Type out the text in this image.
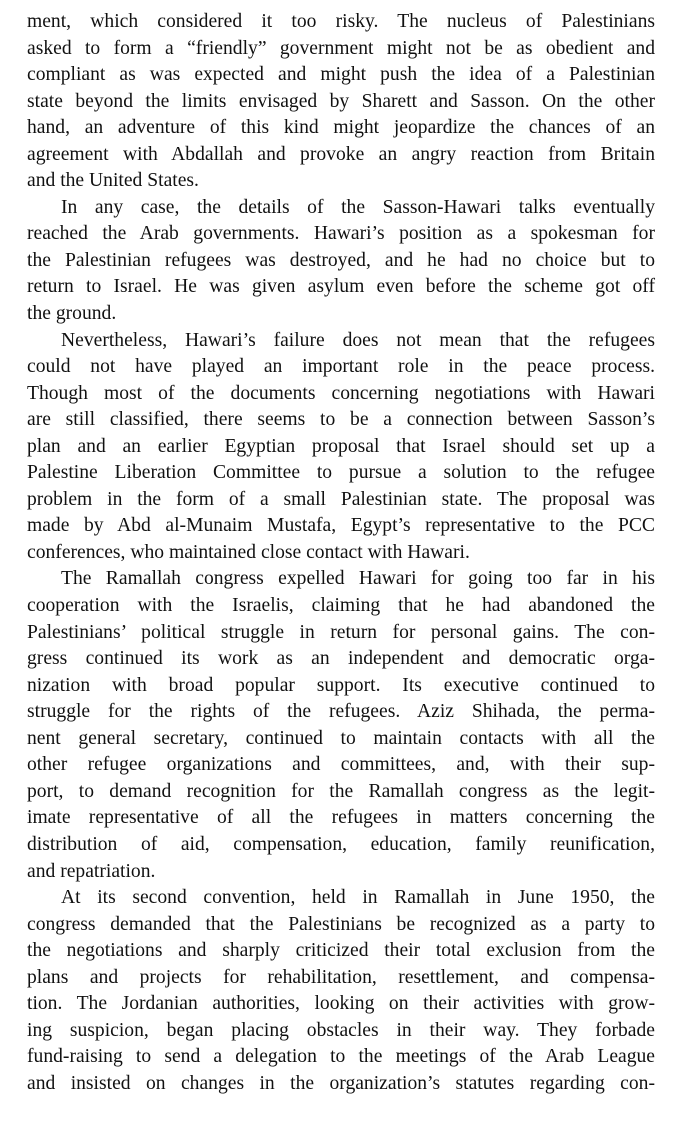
ment, which considered it too risky. The nucleus of Palestinians
asked to form a “friendly” government might not be as obedient and
compliant as was expected and might push the idea of a Palestinian
state beyond the limits envisaged by Sharett and Sasson. On the other
hand, an adventure of this kind might jeopardize the chances of an
agreement with Abdallah and provoke an angry reaction from Britain
and the United States.
In any case, the details of the Sasson-Hawari talks eventually
reached the Arab governments. Hawari’s position as a spokesman for
the Palestinian refugees was destroyed, and he had no choice but to
return to Israel. He was given asylum even before the scheme got off
the ground.
Nevertheless, Hawari’s failure does not mean that the refugees
could not have played an important role in the peace process.
Though most of the documents concerning negotiations with Hawari
are still classified, there seems to be a connection between Sasson’s
plan and an earlier Egyptian proposal that Israel should set up a
Palestine Liberation Committee to pursue a solution to the refugee
problem in the form of a small Palestinian state. The proposal was
made by Abd al-Munaim Mustafa, Egypt’s representative to the PCC
conferences, who maintained close contact with Hawari.
The Ramallah congress expelled Hawari for going too far in his
cooperation with the Israelis, claiming that he had abandoned the
Palestinians’ political struggle in return for personal gains. The con-
gress continued its work as an independent and democratic orga-
nization with broad popular support. Its executive continued to
struggle for the rights of the refugees. Aziz Shihada, the perma-
nent general secretary, continued to maintain contacts with all the
other refugee organizations and committees, and, with their sup-
port, to demand recognition for the Ramallah congress as the legit-
imate representative of all the refugees in matters concerning the
distribution of aid, compensation, education, family reunification,
and repatriation.
At its second convention, held in Ramallah in June 1950, the
congress demanded that the Palestinians be recognized as a party to
the negotiations and sharply criticized their total exclusion from the
plans and projects for rehabilitation, resettlement, and compensa-
tion. The Jordanian authorities, looking on their activities with grow-
ing suspicion, began placing obstacles in their way. They forbade
fund-raising to send a delegation to the meetings of the Arab League
and insisted on changes in the organization’s statutes regarding con-
